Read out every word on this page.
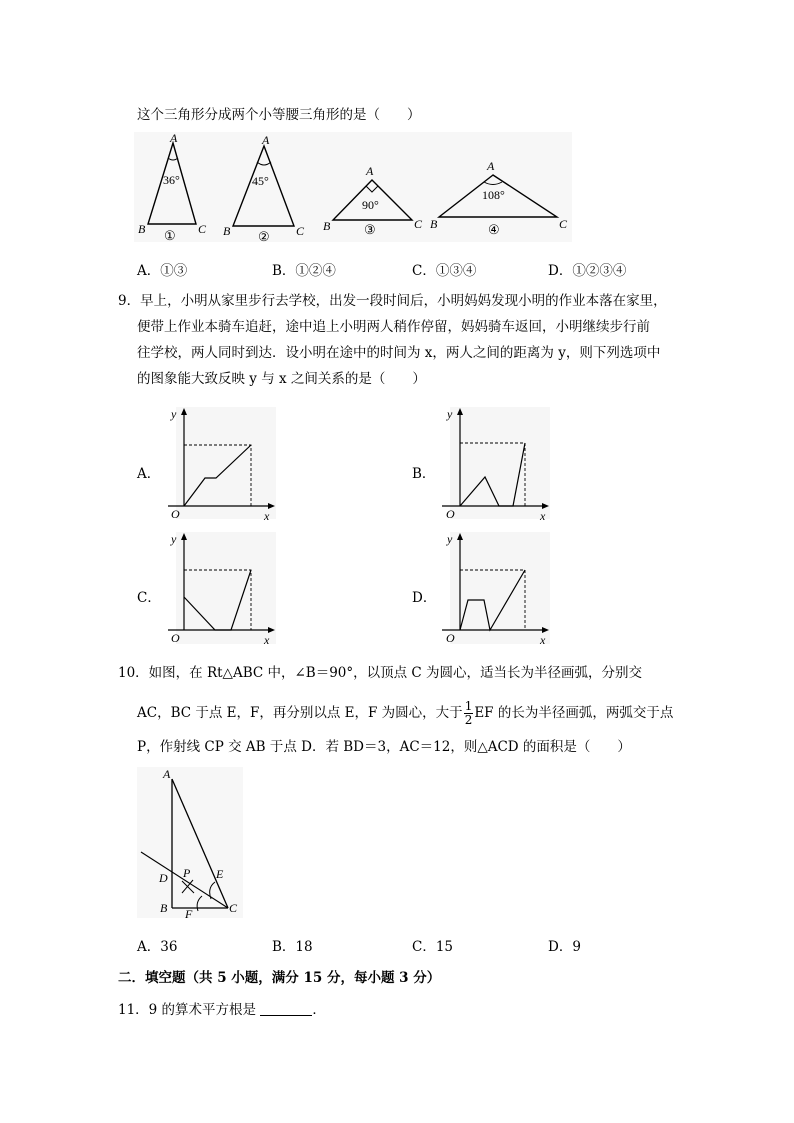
这个三角形分成两个小等腰三角形的是（　　）
A
36°
B	C
①
A
45°
B	C
②
A
90°
B	C
③
A
108°
B	C
④
A．①③	B．①②④	C．①③④	D．①②③④
9．早上，小明从家里步行去学校，出发一段时间后，小明妈妈发现小明的作业本落在家里，
便带上作业本骑车追赶，途中追上小明两人稍作停留，妈妈骑车返回，小明继续步行前
往学校，两人同时到达．设小明在途中的时间为 x，两人之间的距离为 y，则下列选项中
的图象能大致反映 y 与 x 之间关系的是（　　）
A．
y
x
O
B．
y
x
O
C．
y
x
O
D．
y
x
O
10．如图，在 Rt△ABC 中，∠B＝90°，以顶点 C 为圆心，适当长为半径画弧，分别交
AC，BC 于点 E，F，再分别以点 E，F 为圆心，大于 $\frac{1}{2}$ EF 的长为半径画弧，两弧交于点
P，作射线 CP 交 AB 于点 D．若 BD＝3，AC＝12，则△ACD 的面积是（　　）
A
D P E
B F	C
A．36	B．18	C．15	D．9
二．填空题（共 5 小题，满分 15 分，每小题 3 分）
11．9 的算术平方根是	．
